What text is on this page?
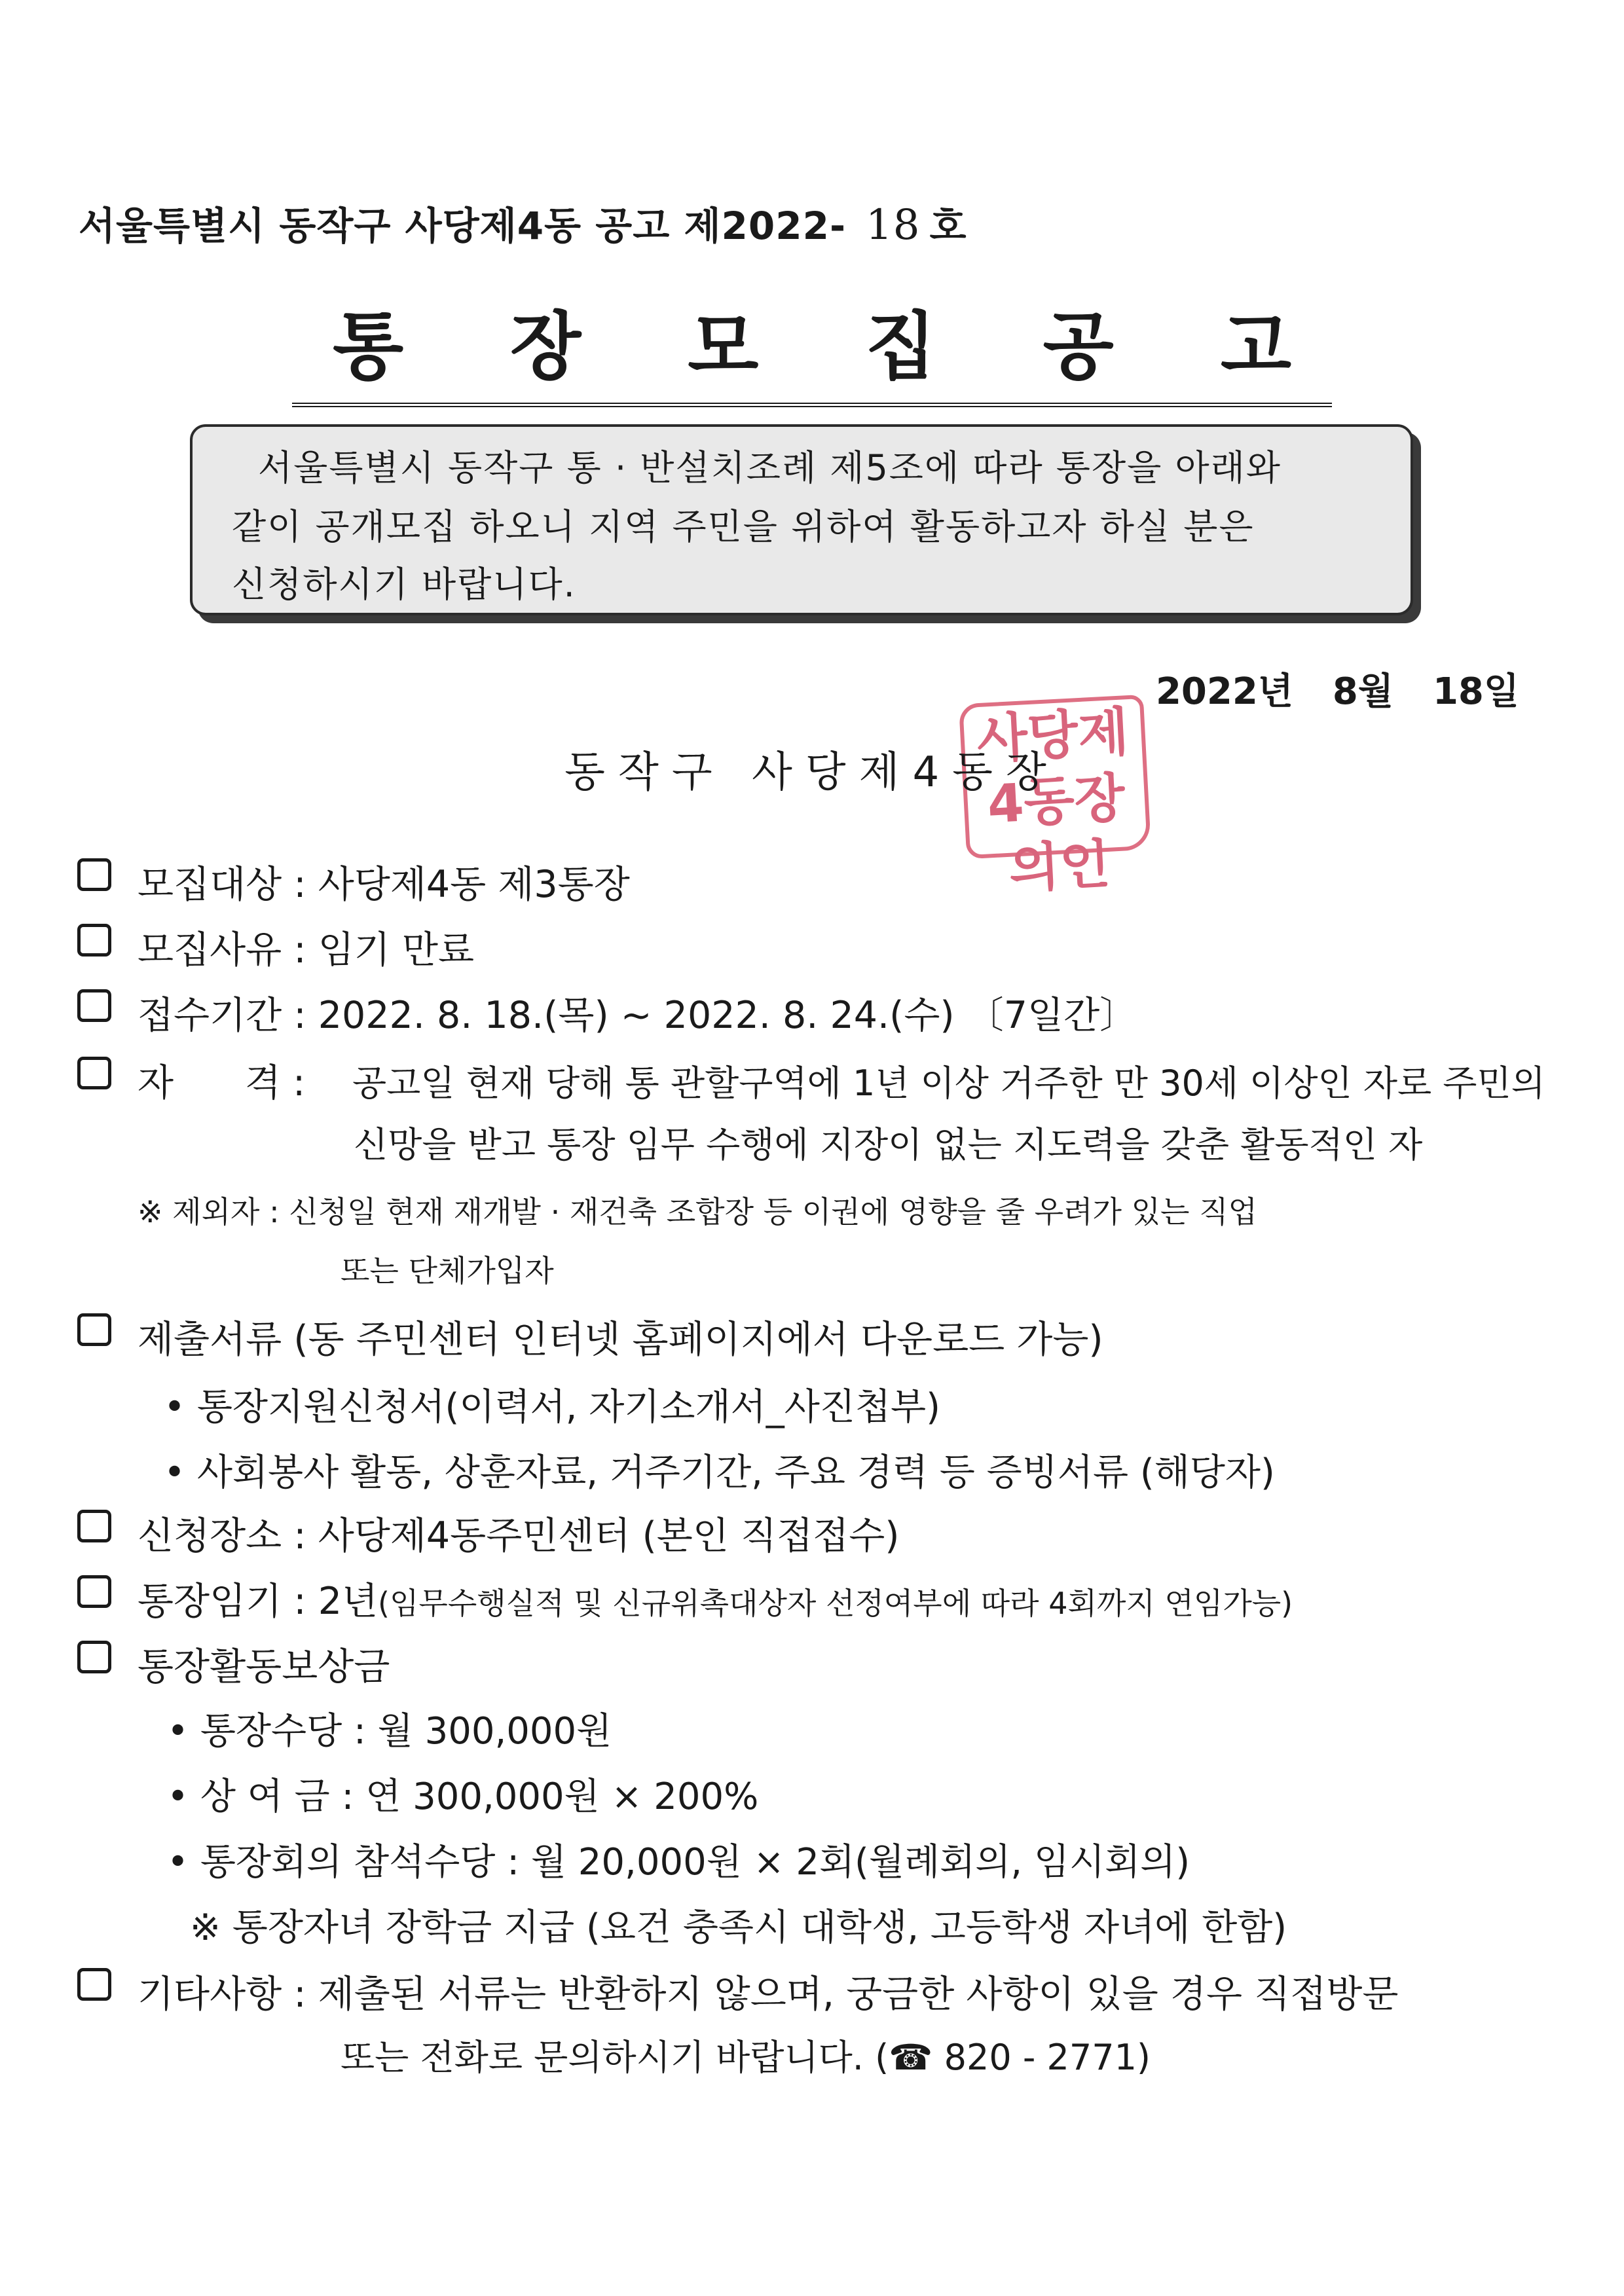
서울특별시 동작구 사당제4동 공고 제2022- 18 호
통 장 모 집 공 고
서울특별시 동작구 통 · 반설치조례 제5조에 따라 통장을 아래와
같이 공개모집 하오니 지역 주민을 위하여 활동하고자 하실 분은
신청하시기 바랍니다.
2022년 8월 18일
사당제4동장의인
동작구 사당제4동장
모집대상 : 사당제4동 제3통장
모집사유 : 임기 만료
접수기간 : 2022. 8. 18.(목) ~ 2022. 8. 24.(수) 〔7일간〕
자      격 : 공고일 현재 당해 통 관할구역에 1년 이상 거주한 만 30세 이상인 자로 주민의
신망을 받고 통장 임무 수행에 지장이 없는 지도력을 갖춘 활동적인 자
※ 제외자 : 신청일 현재 재개발 · 재건축 조합장 등 이권에 영향을 줄 우려가 있는 직업
또는 단체가입자
제출서류 (동 주민센터 인터넷 홈페이지에서 다운로드 가능)
• 통장지원신청서(이력서, 자기소개서_사진첩부)
• 사회봉사 활동, 상훈자료, 거주기간, 주요 경력 등 증빙서류 (해당자)
신청장소 : 사당제4동주민센터 (본인 직접접수)
통장임기 : 2년(임무수행실적 및 신규위촉대상자 선정여부에 따라 4회까지 연임가능)
통장활동보상금
• 통장수당 : 월 300,000원
• 상 여 금 : 연 300,000원 × 200%
• 통장회의 참석수당 : 월 20,000원 × 2회(월례회의, 임시회의)
※ 통장자녀 장학금 지급 (요건 충족시 대학생, 고등학생 자녀에 한함)
기타사항 : 제출된 서류는 반환하지 않으며, 궁금한 사항이 있을 경우 직접방문
또는 전화로 문의하시기 바랍니다. (☎ 820 - 2771)
